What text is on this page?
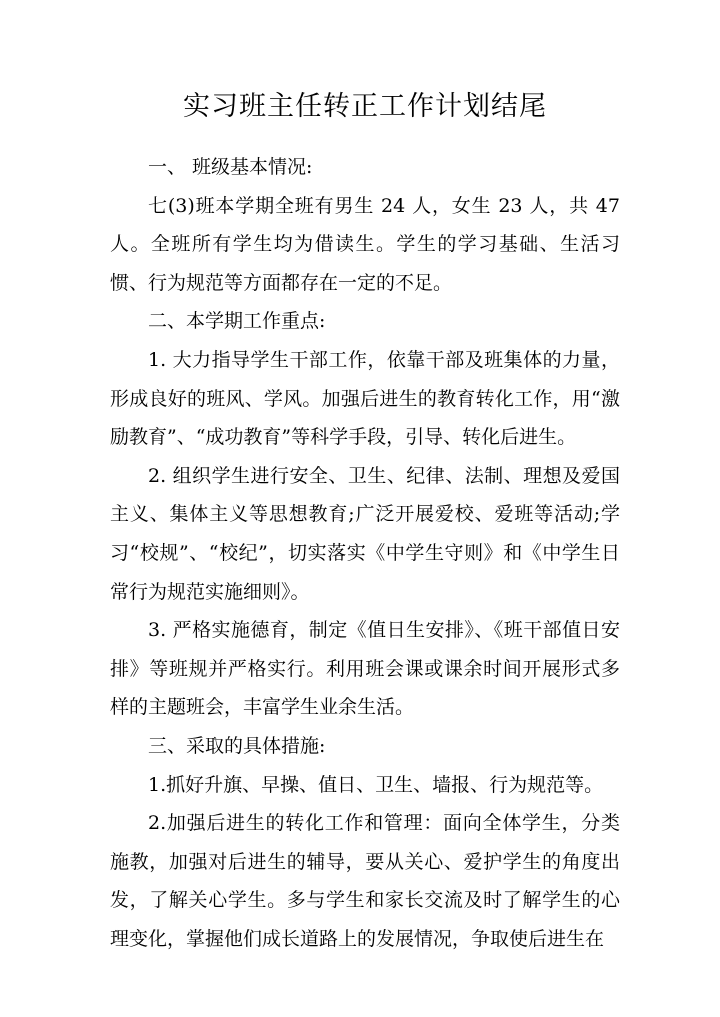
实习班主任转正工作计划结尾

一、 班级基本情况:

七(3)班本学期全班有男生 24 人，女生 23 人，共 47 人。全班所有学生均为借读生。学生的学习基础、生活习惯、行为规范等方面都存在一定的不足。

二、本学期工作重点:

1. 大力指导学生干部工作，依靠干部及班集体的力量，形成良好的班风、学风。加强后进生的教育转化工作，用“激励教育”、“成功教育”等科学手段，引导、转化后进生。

2. 组织学生进行安全、卫生、纪律、法制、理想及爱国主义、集体主义等思想教育;广泛开展爱校、爱班等活动;学习“校规”、“校纪”，切实落实《中学生守则》和《中学生日常行为规范实施细则》。

3. 严格实施德育，制定《值日生安排》、《班干部值日安排》等班规并严格实行。利用班会课或课余时间开展形式多样的主题班会，丰富学生业余生活。

三、采取的具体措施:

1.抓好升旗、早操、值日、卫生、墙报、行为规范等。

2.加强后进生的转化工作和管理：面向全体学生，分类施教，加强对后进生的辅导，要从关心、爱护学生的角度出发，了解关心学生。多与学生和家长交流及时了解学生的心理变化，掌握他们成长道路上的发展情况，争取使后进生在
